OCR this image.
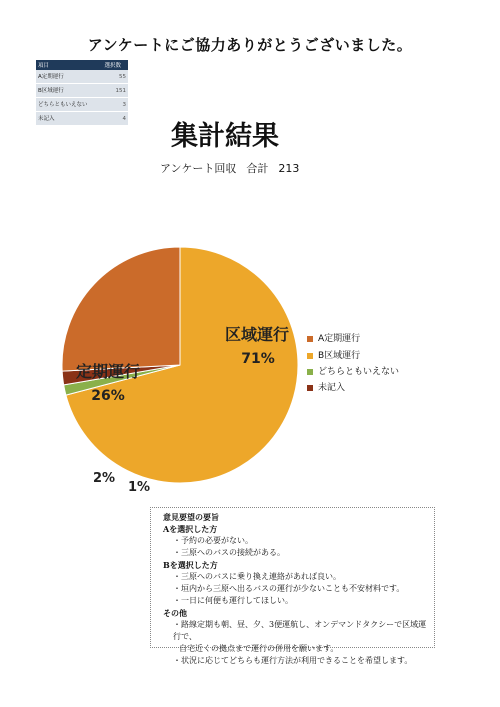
アンケートにご協力ありがとうございました。
項目	選択数
A定期運行	55
B区域運行	151
どちらともいえない	3
未記入	4
集計結果
アンケート回収 合計 213
区域運行
71%
定期運行
26%
2%
1%
A定期運行
B区域運行
どちらともいえない
未記入
意見要望の要旨
Aを選択した方
・予約の必要がない。
・三原へのバスの接続がある。
Bを選択した方
・三原へのバスに乗り換え連絡があれば良い。
・垣内から三原へ出るバスの運行が少ないことも不安材料です。
・一日に何便も運行してほしい。
その他
・路線定期も朝、昼、夕、3便運航し、オンデマンドタクシーで区域運行で、
自宅近くの拠点まで運行の併用を願います。
・状況に応じてどちらも運行方法が利用できることを希望します。
